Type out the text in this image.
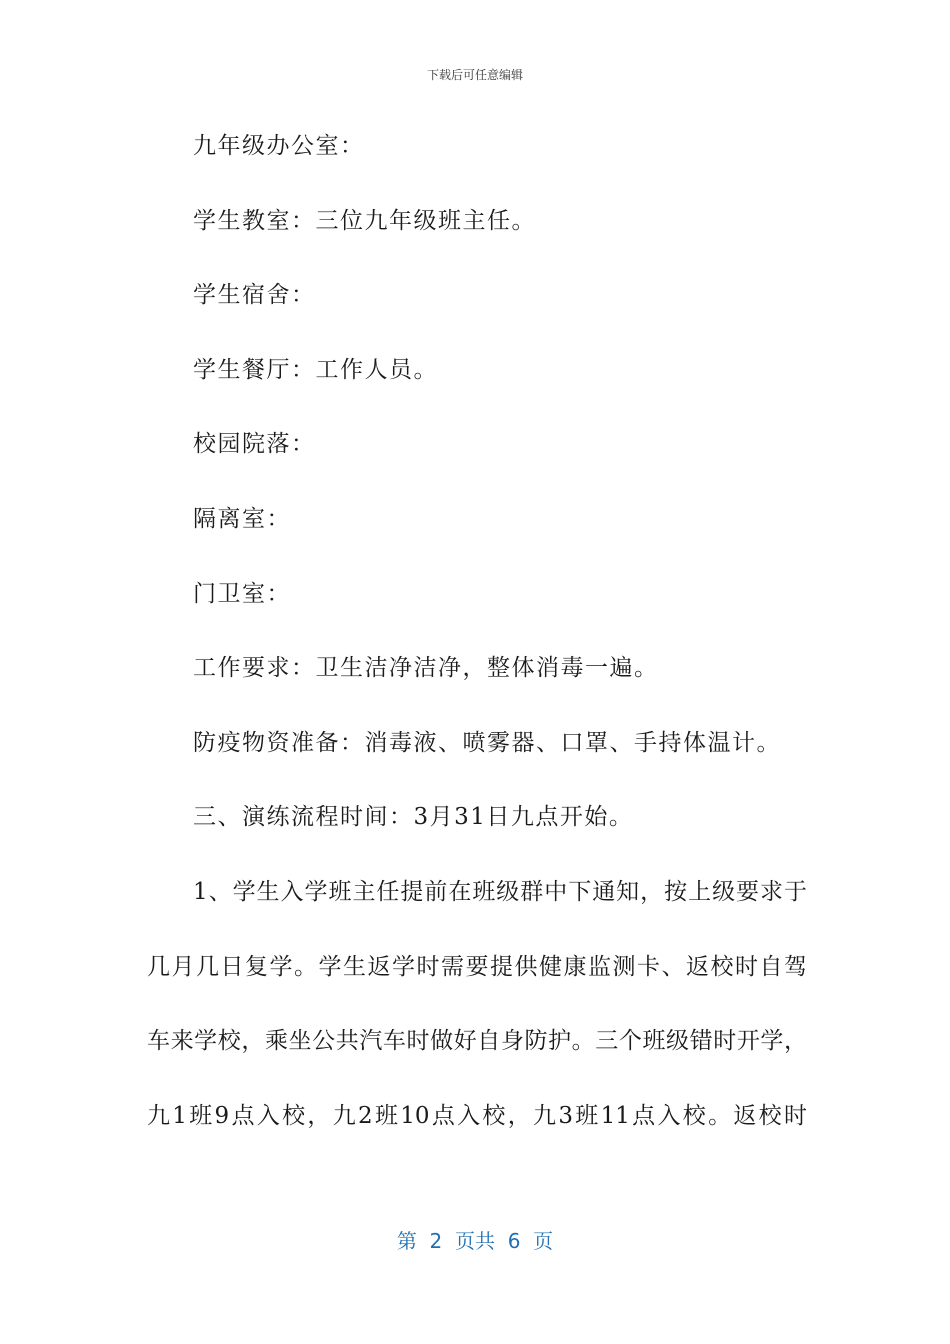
下载后可任意编辑
九年级办公室：
学生教室：三位九年级班主任。
学生宿舍：
学生餐厅：工作人员。
校园院落：
隔离室：
门卫室：
工作要求：卫生洁净洁净，整体消毒一遍。
防疫物资准备：消毒液、喷雾器、口罩、手持体温计。
三、演练流程时间：3月31日九点开始。
1、学生入学班主任提前在班级群中下通知，按上级要求于
几月几日复学。学生返学时需要提供健康监测卡、返校时自驾
车来学校，乘坐公共汽车时做好自身防护。三个班级错时开学，
九1班9点入校，九2班10点入校，九3班11点入校。返校时
第  2  页共  6  页
